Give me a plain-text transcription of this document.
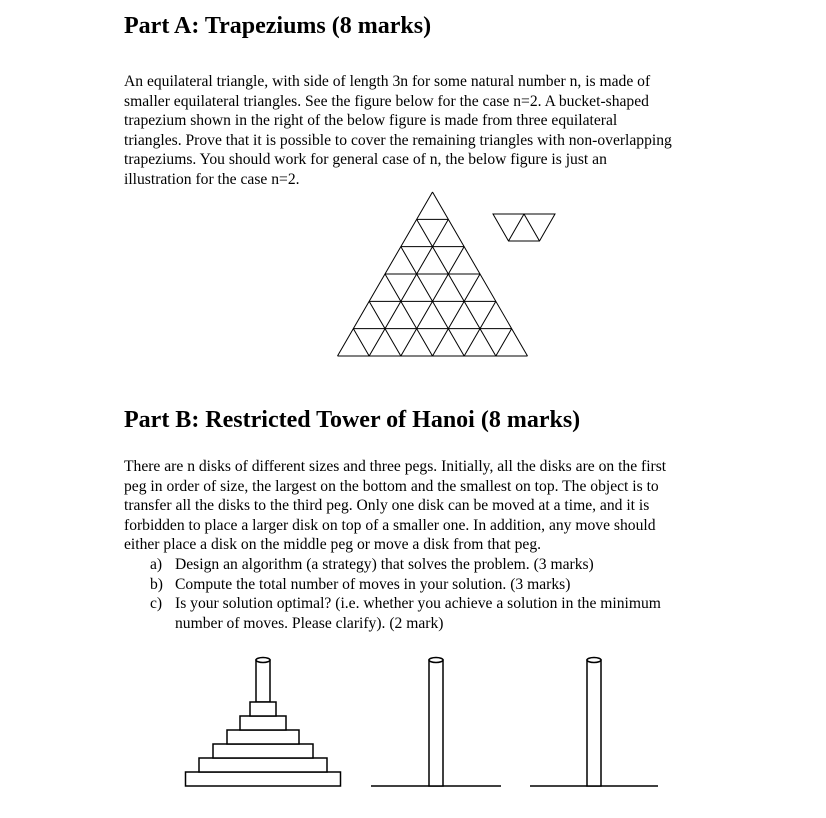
Part A: Trapeziums (8 marks)

An equilateral triangle, with side of length 3n for some natural number n, is made of
smaller equilateral triangles. See the figure below for the case n=2. A bucket-shaped
trapezium shown in the right of the below figure is made from three equilateral
triangles. Prove that it is possible to cover the remaining triangles with non-overlapping
trapeziums. You should work for general case of n, the below figure is just an
illustration for the case n=2.

Part B: Restricted Tower of Hanoi (8 marks)

There are n disks of different sizes and three pegs. Initially, all the disks are on the first
peg in order of size, the largest on the bottom and the smallest on top. The object is to
transfer all the disks to the third peg. Only one disk can be moved at a time, and it is
forbidden to place a larger disk on top of a smaller one. In addition, any move should
either place a disk on the middle peg or move a disk from that peg.

a) Design an algorithm (a strategy) that solves the problem. (3 marks)
b) Compute the total number of moves in your solution. (3 marks)
c) Is your solution optimal? (i.e. whether you achieve a solution in the minimum
number of moves. Please clarify). (2 mark)
